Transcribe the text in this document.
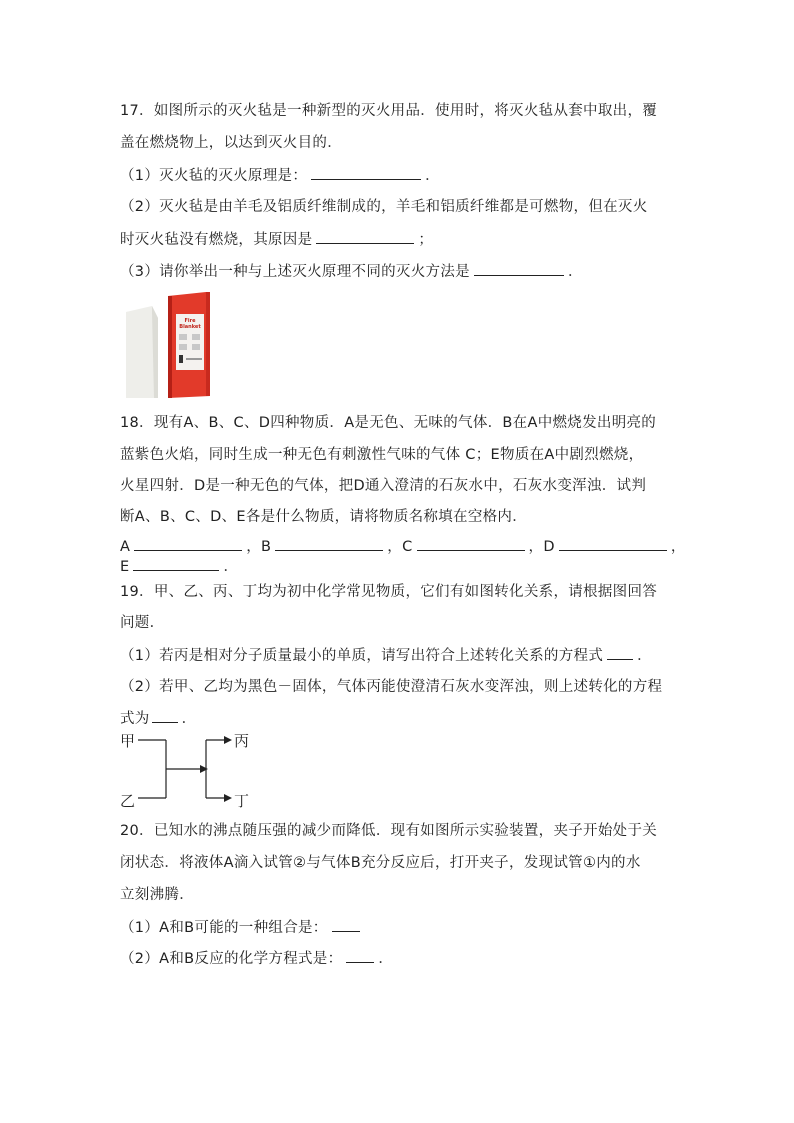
17．如图所示的灭火毡是一种新型的灭火用品．使用时，将灭火毡从套中取出，覆
盖在燃烧物上，以达到灭火目的．
（1）灭火毡的灭火原理是：	．
（2）灭火毡是由羊毛及铝质纤维制成的，羊毛和铝质纤维都是可燃物，但在灭火
时灭火毡没有燃烧，其原因是	；
（3）请你举出一种与上述灭火原理不同的灭火方法是	．
Fire
Blanket
18．现有A、B、C、D四种物质．A是无色、无味的气体．B在A中燃烧发出明亮的
蓝紫色火焰，同时生成一种无色有刺激性气味的气体 C；E物质在A中剧烈燃烧，
火星四射．D是一种无色的气体，把D通入澄清的石灰水中，石灰水变浑浊．试判
断A、B、C、D、E各是什么物质，请将物质名称填在空格内．
A	，B	，C	，D	，
E	．
19．甲、乙、丙、丁均为初中化学常见物质，它们有如图转化关系，请根据图回答
问题．
（1）若丙是相对分子质量最小的单质，请写出符合上述转化关系的方程式 ．
（2）若甲、乙均为黑色－固体，气体丙能使澄清石灰水变浑浊，则上述转化的方程
式为 ．
甲
乙
丙
丁
20．已知水的沸点随压强的减少而降低．现有如图所示实验装置，夹子开始处于关
闭状态．将液体A滴入试管②与气体B充分反应后，打开夹子，发现试管①内的水
立刻沸腾．
（1）A和B可能的一种组合是：
（2）A和B反应的化学方程式是： ．
